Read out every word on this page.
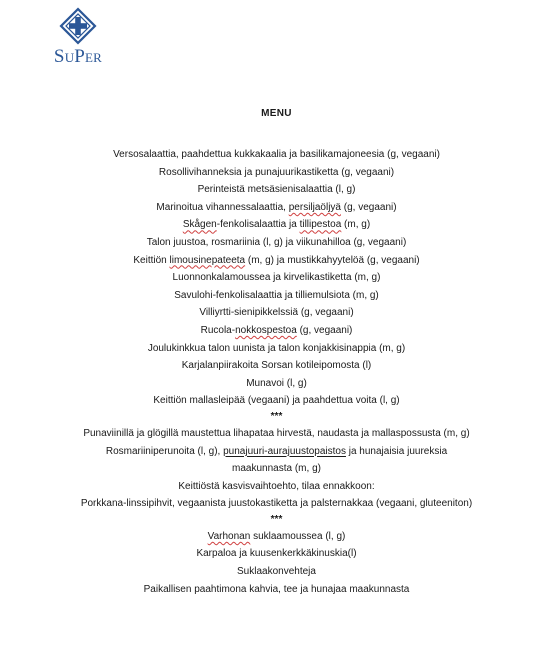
SuPer
MENU
Versosalaattia, paahdettua kukkakaalia ja basilikamajoneesia (g, vegaani)
Rosollivihanneksia ja punajuurikastiketta (g, vegaani)
Perinteistä metsäsienisalaattia (l, g)
Marinoitua vihannessalaattia, persiljaöljyä (g, vegaani)
Skågen-fenkolisalaattia ja tillipestoa (m, g)
Talon juustoa, rosmariinia (l, g) ja viikunahilloa (g, vegaani)
Keittiön limousinepateeta (m, g) ja mustikkahyytelöä (g, vegaani)
Luonnonkalamoussea ja kirvelikastiketta (m, g)
Savulohi-fenkolisalaattia ja tilliemulsiota (m, g)
Villiyrtti-sienipikkelssiä (g, vegaani)
Rucola-nokkospestoa (g, vegaani)
Joulukinkkua talon uunista ja talon konjakkisinappia (m, g)
Karjalanpiirakoita Sorsan kotileipomosta (l)
Munavoi (l, g)
Keittiön mallasleipää (vegaani) ja paahdettua voita (l, g)
***
Punaviinillä ja glögillä maustettua lihapataa hirvestä, naudasta ja mallaspossusta (m, g)
Rosmariiniperunoita (l, g), punajuuri-aurajuustopaistos ja hunajaisia juureksia
maakunnasta (m, g)
Keittiöstä kasvisvaihtoehto, tilaa ennakkoon:
Porkkana-linssipihvit, vegaanista juustokastiketta ja palsternakkaa (vegaani, gluteeniton)
***
Varhonan suklaamoussea (l, g)
Karpaloa ja kuusenkerkkäkinuskia(l)
Suklaakonvehteja
Paikallisen paahtimona kahvia, tee ja hunajaa maakunnasta
